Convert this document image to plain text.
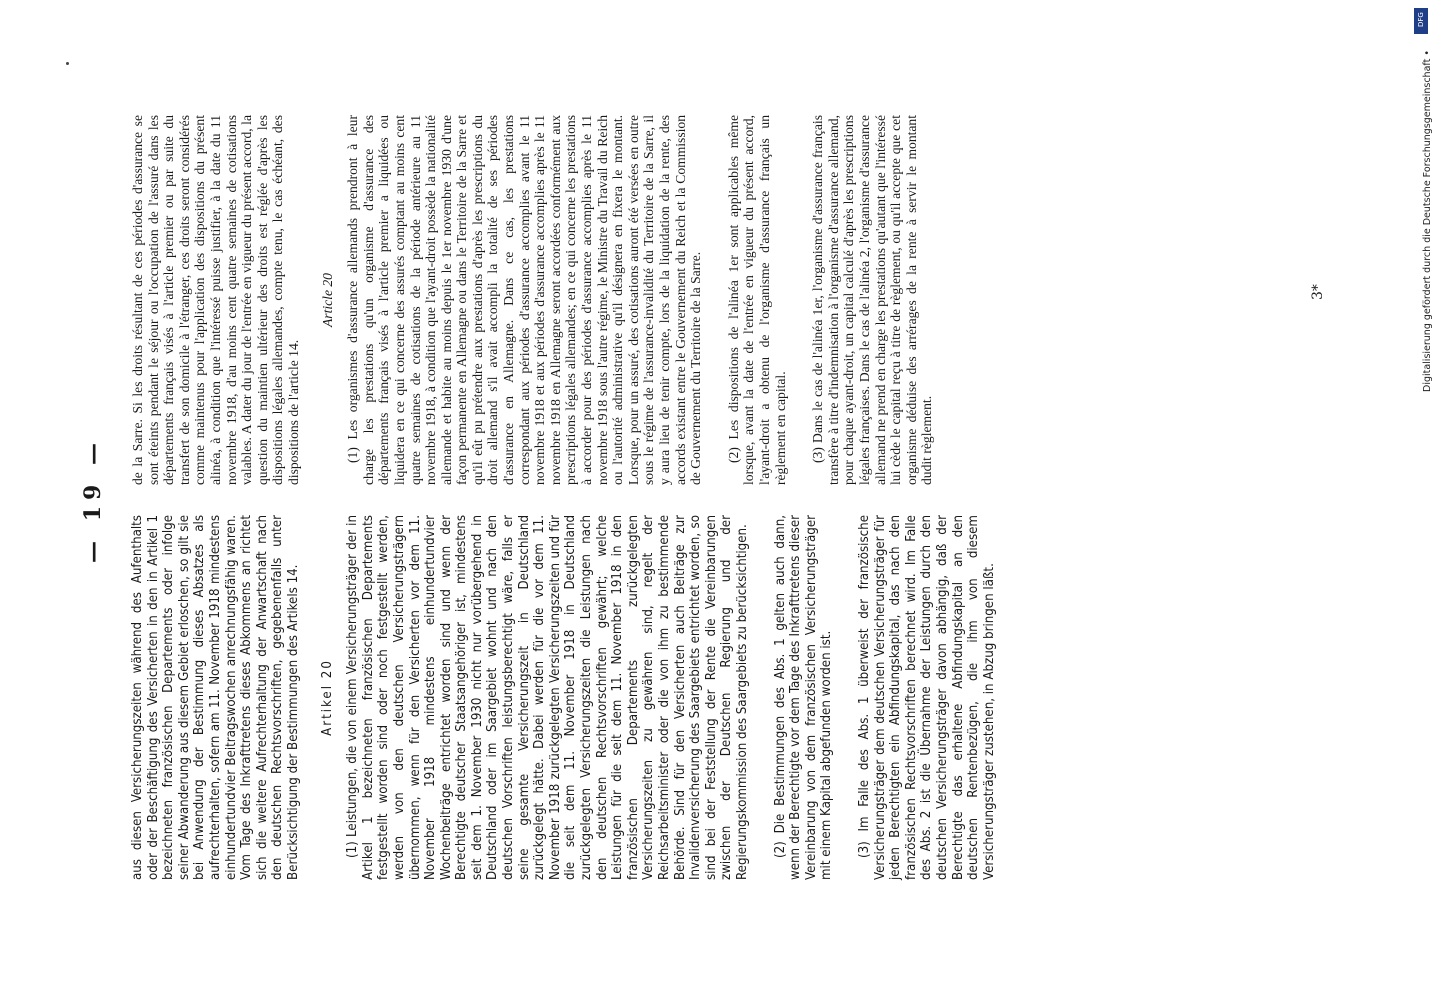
— 19 —

aus diesen Versicherungszeiten während des Aufenthalts oder der Beschäftigung des Versicherten in den in Artikel 1 bezeichneten französischen Departements oder infolge seiner Abwanderung aus diesem Gebiet erloschen, so gilt sie bei Anwendung der Bestimmung dieses Absatzes als aufrechterhalten, sofern am 11. November 1918 mindestens einhundertundvier Beitragswochen anrechnungsfähig waren. Vom Tage des Inkrafttretens dieses Abkommens an richtet sich die weitere Aufrechterhaltung der Anwartschaft nach den deutschen Rechtsvorschriften, gegebenenfalls unter Berücksichtigung der Bestimmungen des Artikels 14. Artikel 20 (1) Leistungen, die von einem Versicherungsträger der in Artikel 1 bezeichneten französischen Departements festgestellt worden sind oder noch festgestellt werden, werden von den deutschen Versicherungsträgern übernommen, wenn für den Versicherten vor dem 11. November 1918 mindestens einhundertundvier Wochenbeiträge entrichtet worden sind und wenn der Berechtigte deutscher Staatsangehöriger ist, mindestens seit dem 1. November 1930 nicht nur vorübergehend in Deutschland oder im Saargebiet wohnt und nach den deutschen Vorschriften leistungsberechtigt wäre, falls er seine gesamte Versicherungszeit in Deutschland zurückgelegt hätte. Dabei werden für die vor dem 11. November 1918 zurückgelegten Versicherungszeiten und für die seit dem 11. November 1918 in Deutschland zurückgelegten Versicherungszeiten die Leistungen nach den deutschen Rechtsvorschriften gewährt; welche Leistungen für die seit dem 11. November 1918 in den französischen Departements zurückgelegten Versicherungszeiten zu gewähren sind, regelt der Reichsarbeitsminister oder die von ihm zu bestimmende Behörde. Sind für den Versicherten auch Beiträge zur Invalidenversicherung des Saargebiets entrichtet worden, so sind bei der Feststellung der Rente die Vereinbarungen zwischen der Deutschen Regierung und der Regierungskommission des Saargebiets zu berücksichtigen. (2) Die Bestimmungen des Abs. 1 gelten auch dann, wenn der Berechtigte vor dem Tage des Inkrafttretens dieser Vereinbarung von dem französischen Versicherungsträger mit einem Kapital abgefunden worden ist. (3) Im Falle des Abs. 1 überweist der französische Versicherungsträger dem deutschen Versicherungsträger für jeden Berechtigten ein Abfindungskapital, das nach den französischen Rechtsvorschriften berechnet wird. Im Falle des Abs. 2 ist die Übernahme der Leistungen durch den deutschen Versicherungsträger davon abhängig, daß der Berechtigte das erhaltene Abfindungskapital an den deutschen Rentenbezügen, die ihm von diesem Versicherungsträger zustehen, in Abzug bringen läßt.

de la Sarre. Si les droits résultant de ces périodes d'assurance se sont éteints pendant le séjour ou l'occupation de l'assuré dans les départements français visés à l'article premier ou par suite du transfert de son domicile à l'étranger, ces droits seront considérés comme maintenus pour l'application des dispositions du présent alinéa, à condition que l'intéressé puisse justifier, à la date du 11 novembre 1918, d'au moins cent quatre semaines de cotisations valables. A dater du jour de l'entrée en vigueur du présent accord, la question du maintien ultérieur des droits est réglée d'après les dispositions légales allemandes, compte tenu, le cas échéant, des dispositions de l'article 14.

Article 20 (1) Les organismes d'assurance allemands prendront à leur charge les prestations qu'un organisme d'assurance des départements français visés à l'article premier a liquidées ou liquidera en ce qui concerne des assurés comptant au moins cent quatre semaines de cotisations de la période antérieure au 11 novembre 1918, à condition que l'ayant-droit possède la nationalité allemande et habite au moins depuis le 1er novembre 1930 d'une façon permanente en Allemagne ou dans le Territoire de la Sarre et qu'il eût pu prétendre aux prestations d'après les prescriptions du droit allemand s'il avait accompli la totalité de ses périodes d'assurance en Allemagne. Dans ce cas, les prestations correspondant aux périodes d'assurance accomplies avant le 11 novembre 1918 et aux périodes d'assurance accomplies après le 11 novembre 1918 en Allemagne seront accordées conformément aux prescriptions légales allemandes; en ce qui concerne les prestations à accorder pour des périodes d'assurance accomplies après le 11 novembre 1918 sous l'autre régime, le Ministre du Travail du Reich ou l'autorité administrative qu'il désignera en fixera le montant. Lorsque, pour un assuré, des cotisations auront été versées en outre sous le régime de l'assurance-invalidité du Territoire de la Sarre, il y aura lieu de tenir compte, lors de la liquidation de la rente, des accords existant entre le Gouvernement du Reich et la Commission de Gouvernement du Territoire de la Sarre. (2) Les dispositions de l'alinéa 1er sont applicables même lorsque, avant la date de l'entrée en vigueur du présent accord, l'ayant-droit a obtenu de l'organisme d'assurance français un règlement en capital. (3) Dans le cas de l'alinéa 1er, l'organisme d'assurance français transfère à titre d'indemnisation à l'organisme d'assurance allemand, pour chaque ayant-droit, un capital calculé d'après les prescriptions légales françaises. Dans le cas de l'alinéa 2, l'organisme d'assurance allemand ne prend en charge les prestations qu'autant que l'intéressé lui cède le capital reçu à titre de règlement, ou qu'il accepte que cet organisme déduise des arrérages de la rente à servir le montant dudit règlement.

3*	Digitalisierung gefördert durch die Deutsche Forschungsgemeinschaft •
DFG
